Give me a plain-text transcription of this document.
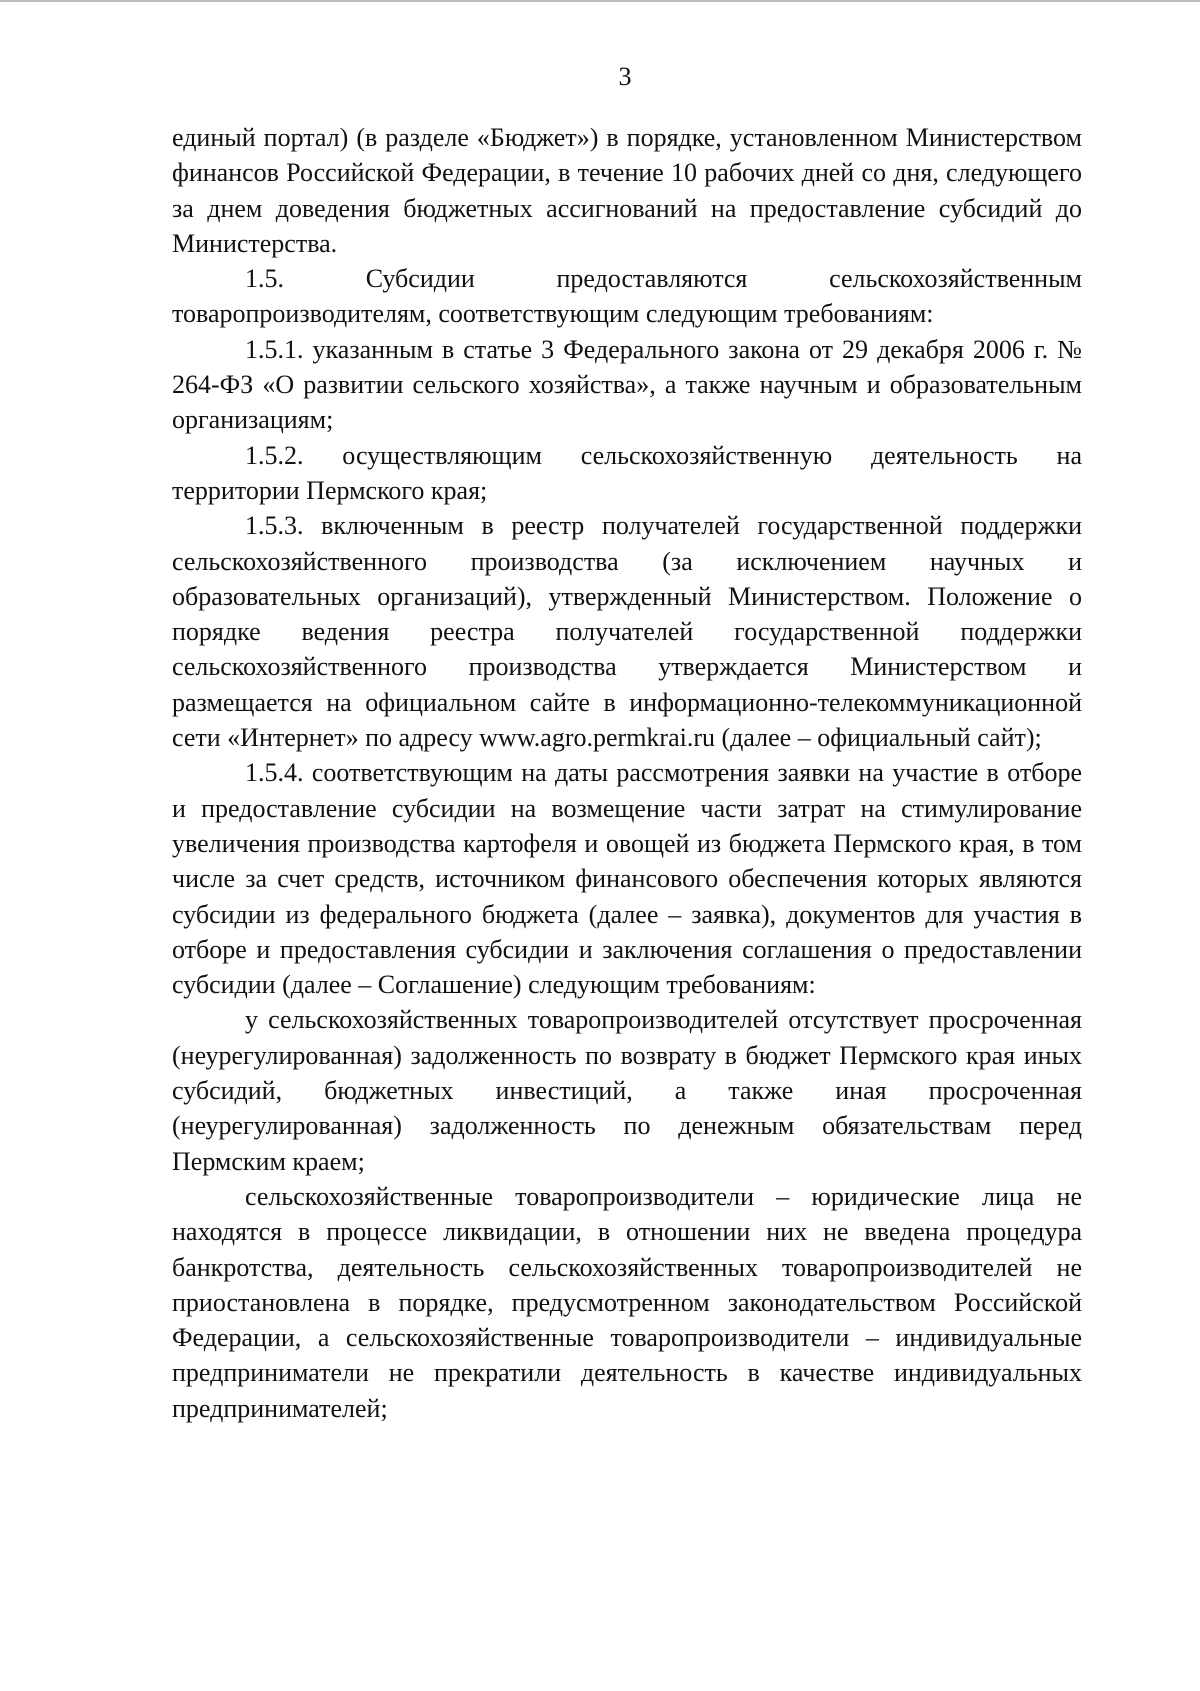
3

единый портал) (в разделе «Бюджет») в порядке, установленном Министерством финансов Российской Федерации, в течение 10 рабочих дней со дня, следующего за днем доведения бюджетных ассигнований на предоставление субсидий до Министерства.

1.5. Субсидии предоставляются сельскохозяйственным товаропроизводителям, соответствующим следующим требованиям:

1.5.1. указанным в статье 3 Федерального закона от 29 декабря 2006 г. № 264-ФЗ «О развитии сельского хозяйства», а также научным и образовательным организациям;

1.5.2. осуществляющим сельскохозяйственную деятельность на территории Пермского края;

1.5.3. включенным в реестр получателей государственной поддержки сельскохозяйственного производства (за исключением научных и образовательных организаций), утвержденный Министерством. Положение о порядке ведения реестра получателей государственной поддержки сельскохозяйственного производства утверждается Министерством и размещается на официальном сайте в информационно-телекоммуникационной сети «Интернет» по адресу www.agro.permkrai.ru (далее – официальный сайт);

1.5.4. соответствующим на даты рассмотрения заявки на участие в отборе и предоставление субсидии на возмещение части затрат на стимулирование увеличения производства картофеля и овощей из бюджета Пермского края, в том числе за счет средств, источником финансового обеспечения которых являются субсидии из федерального бюджета (далее – заявка), документов для участия в отборе и предоставления субсидии и заключения соглашения о предоставлении субсидии (далее – Соглашение) следующим требованиям:

у сельскохозяйственных товаропроизводителей отсутствует просроченная (неурегулированная) задолженность по возврату в бюджет Пермского края иных субсидий, бюджетных инвестиций, а также иная просроченная (неурегулированная) задолженность по денежным обязательствам перед Пермским краем;

сельскохозяйственные товаропроизводители – юридические лица не находятся в процессе ликвидации, в отношении них не введена процедура банкротства, деятельность сельскохозяйственных товаропроизводителей не приостановлена в порядке, предусмотренном законодательством Российской Федерации, а сельскохозяйственные товаропроизводители – индивидуальные предприниматели не прекратили деятельность в качестве индивидуальных предпринимателей;
